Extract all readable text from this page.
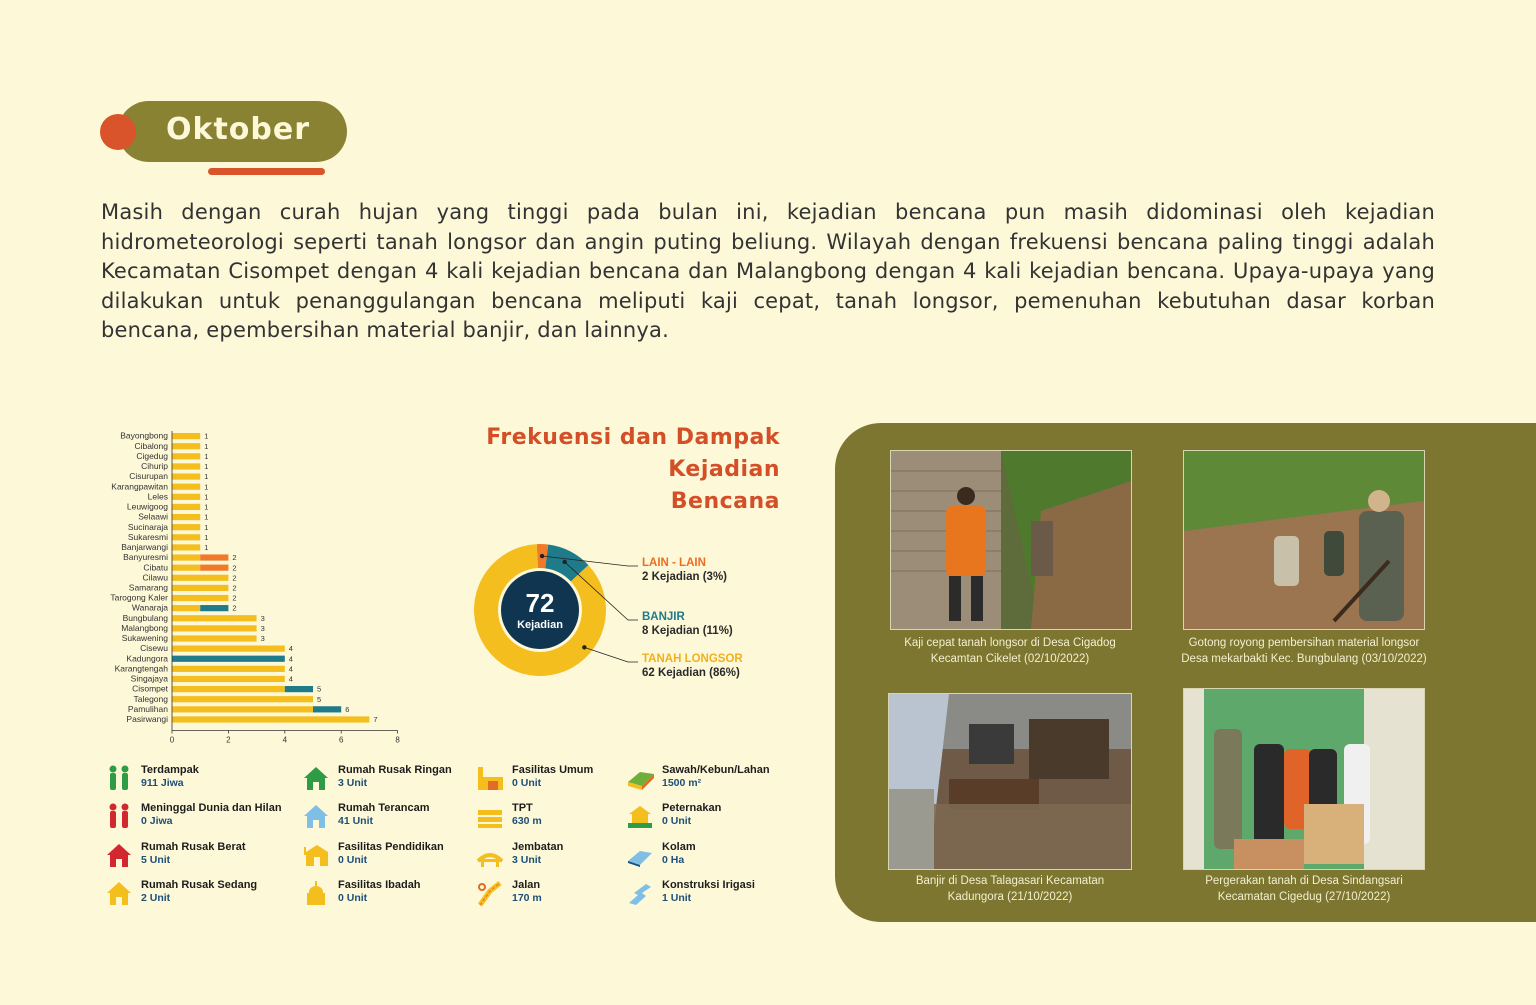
Oktober

Masih dengan curah hujan yang tinggi pada bulan ini, kejadian bencana pun masih didominasi oleh kejadian hidrometeorologi seperti tanah longsor dan angin puting beliung. Wilayah dengan frekuensi bencana paling tinggi adalah Kecamatan Cisompet dengan 4 kali kejadian bencana dan Malangbong dengan 4 kali kejadian bencana. Upaya-upaya yang dilakukan untuk penanggulangan bencana meliputi kaji cepat, tanah longsor, pemenuhan kebutuhan dasar korban bencana, epembersihan material banjir, dan lainnya.

Bayongbong	1
Cibalong	1
Cigedug	1
Cihurip	1
Cisurupan	1
Karangpawitan	1
Leles	1
Leuwigoog	1
Selaawi	1
Sucinaraja	1
Sukaresmi	1
Banjarwangi	1
Banyuresmi	2
Cibatu	2
Cilawu	2
Samarang	2
Tarogong Kaler	2
Wanaraja	2
Bungbulang	3
Malangbong	3
Sukawening	3
Cisewu	4
Kadungora	4
Karangtengah	4
Singajaya	4
Cisompet	5
Talegong	5
Pamulihan	6
Pasirwangi	7
0	2	4	6	8
Frekuensi dan Dampak Kejadian
Bencana
72
Kejadian
LAIN - LAIN
2 Kejadian (3%)
BANJIR
8 Kejadian (11%)
TANAH LONGSOR
62 Kejadian (86%)
Terdampak
911 Jiwa
Meninggal Dunia dan Hilan
0 Jiwa
Rumah Rusak Berat
5 Unit
Rumah Rusak Sedang
2 Unit
Rumah Rusak Ringan
3 Unit
Rumah Terancam
41 Unit
Fasilitas Pendidikan
0 Unit
Fasilitas Ibadah
0 Unit
Fasilitas Umum
0 Unit
TPT
630 m
Jembatan
3 Unit
Jalan
170 m
Sawah/Kebun/Lahan
1500 m²
Peternakan
0 Unit
Kolam
0 Ha
Konstruksi Irigasi
1 Unit
Kaji cepat tanah longsor di Desa Cigadog
Kecamtan Cikelet (02/10/2022)
Gotong royong pembersihan material longsor
Desa mekarbakti Kec. Bungbulang (03/10/2022)
Banjir di Desa Talagasari Kecamatan
Kadungora (21/10/2022)
Pergerakan tanah di Desa Sindangsari
Kecamatan Cigedug (27/10/2022)
